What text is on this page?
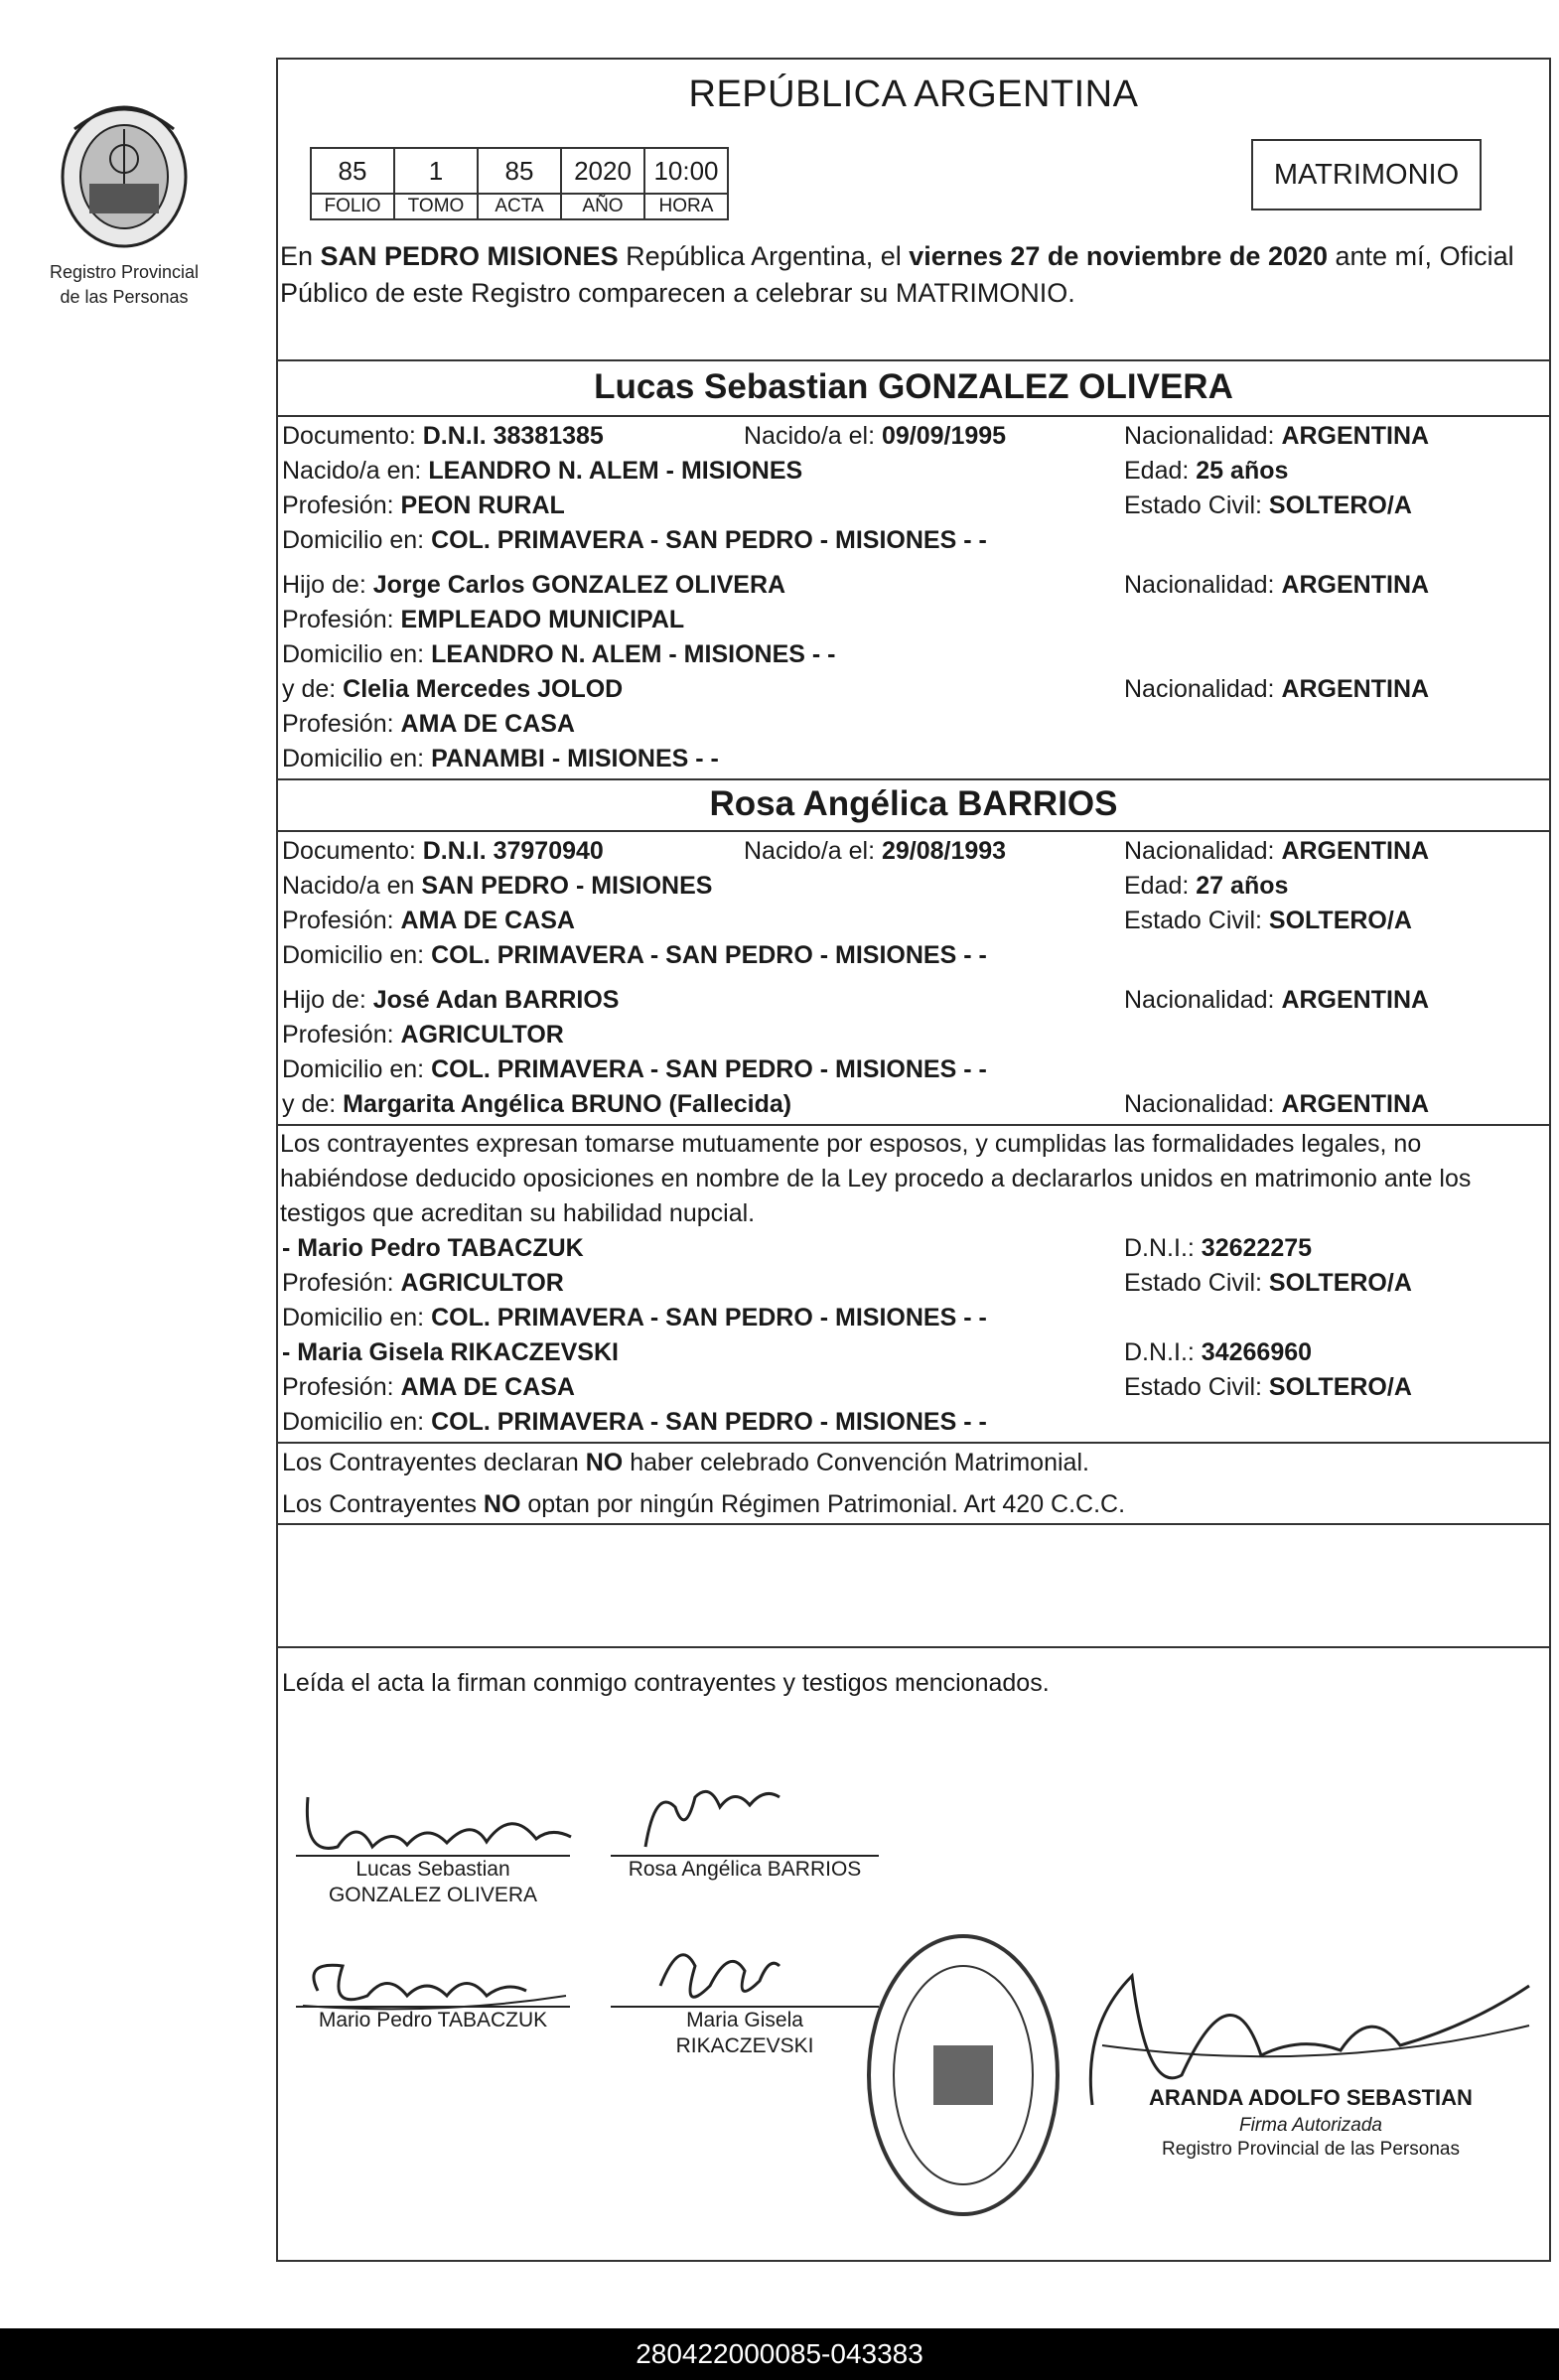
Registro Provincial
de las Personas
REPÚBLICA ARGENTINA
85	1	85	2020	10:00
FOLIO	TOMO	ACTA	AÑO	HORA
MATRIMONIO
En SAN PEDRO MISIONES República Argentina, el viernes 27 de noviembre de 2020 ante mí, Oficial Público de este Registro comparecen a celebrar su MATRIMONIO.
Lucas Sebastian GONZALEZ OLIVERA
Documento: D.N.I. 38381385	Nacido/a el: 09/09/1995	Nacionalidad: ARGENTINA
Nacido/a en: LEANDRO N. ALEM - MISIONES	Edad: 25 años
Profesión: PEON RURAL	Estado Civil: SOLTERO/A
Domicilio en: COL. PRIMAVERA - SAN PEDRO - MISIONES - -
Hijo de: Jorge Carlos GONZALEZ OLIVERA	Nacionalidad: ARGENTINA
Profesión: EMPLEADO MUNICIPAL
Domicilio en: LEANDRO N. ALEM - MISIONES - -
y de: Clelia Mercedes JOLOD	Nacionalidad: ARGENTINA
Profesión: AMA DE CASA
Domicilio en: PANAMBI - MISIONES - -
Rosa Angélica BARRIOS
Documento: D.N.I. 37970940	Nacido/a el: 29/08/1993	Nacionalidad: ARGENTINA
Nacido/a en SAN PEDRO - MISIONES	Edad: 27 años
Profesión: AMA DE CASA	Estado Civil: SOLTERO/A
Domicilio en: COL. PRIMAVERA - SAN PEDRO - MISIONES - -
Hijo de: José Adan BARRIOS	Nacionalidad: ARGENTINA
Profesión: AGRICULTOR
Domicilio en: COL. PRIMAVERA - SAN PEDRO - MISIONES - -
y de: Margarita Angélica BRUNO (Fallecida)	Nacionalidad: ARGENTINA
Los contrayentes expresan tomarse mutuamente por esposos, y cumplidas las formalidades legales, no habiéndose deducido oposiciones en nombre de la Ley procedo a declararlos unidos en matrimonio ante los testigos que acreditan su habilidad nupcial.
- Mario Pedro TABACZUK	D.N.I.: 32622275
Profesión: AGRICULTOR	Estado Civil: SOLTERO/A
Domicilio en: COL. PRIMAVERA - SAN PEDRO - MISIONES - -
- Maria Gisela RIKACZEVSKI	D.N.I.: 34266960
Profesión: AMA DE CASA	Estado Civil: SOLTERO/A
Domicilio en: COL. PRIMAVERA - SAN PEDRO - MISIONES - -
Los Contrayentes declaran NO haber celebrado Convención Matrimonial.
Los Contrayentes NO optan por ningún Régimen Patrimonial. Art 420 C.C.C.
Leída el acta la firman conmigo contrayentes y testigos mencionados.
Lucas Sebastian
GONZALEZ OLIVERA
Rosa Angélica BARRIOS
Mario Pedro TABACZUK	Maria Gisela
RIKACZEVSKI
ARANDA ADOLFO SEBASTIAN
Firma Autorizada
Registro Provincial de las Personas
280422000085-043383
